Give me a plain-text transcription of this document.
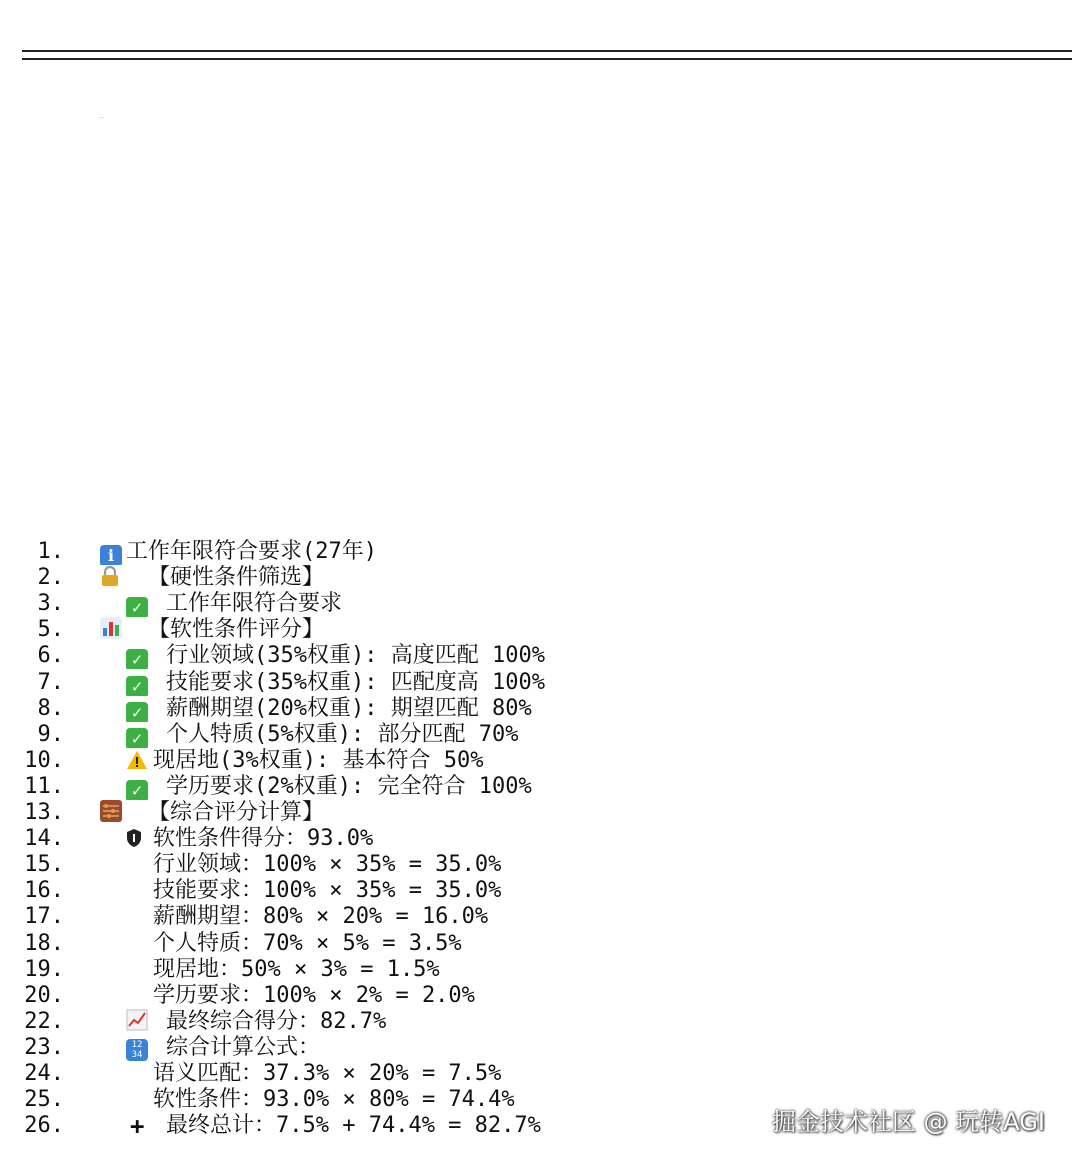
1.	i 工作年限符合要求(27年)
2.	【硬性条件筛选】
3.	✓ 工作年限符合要求
5.	【软性条件评分】
6.	✓ 行业领域(35%权重): 高度匹配 100%
7.	✓ 技能要求(35%权重): 匹配度高 100%
8.	✓ 薪酬期望(20%权重): 期望匹配 80%
9.	✓ 个人特质(5%权重): 部分匹配 70%
10.	现居地(3%权重): 基本符合 50%
11.	✓ 学历要求(2%权重): 完全符合 100%
13.	【综合评分计算】
14.	软性条件得分：93.0%
15.	行业领域：100% × 35% = 35.0%
16.	技能要求：100% × 35% = 35.0%
17.	薪酬期望：80% × 20% = 16.0%
18.	个人特质：70% × 5% = 3.5%
19.	现居地：50% × 3% = 1.5%
20.	学历要求：100% × 2% = 2.0%
22.	最终综合得分：82.7%
23.	12
34 综合计算公式：
24.	语义匹配：37.3% × 20% = 7.5%
25.	软性条件：93.0% × 80% = 74.4%
26.	+ 最终总计：7.5% + 74.4% = 82.7%	掘金技术社区 @ 玩转AGI
